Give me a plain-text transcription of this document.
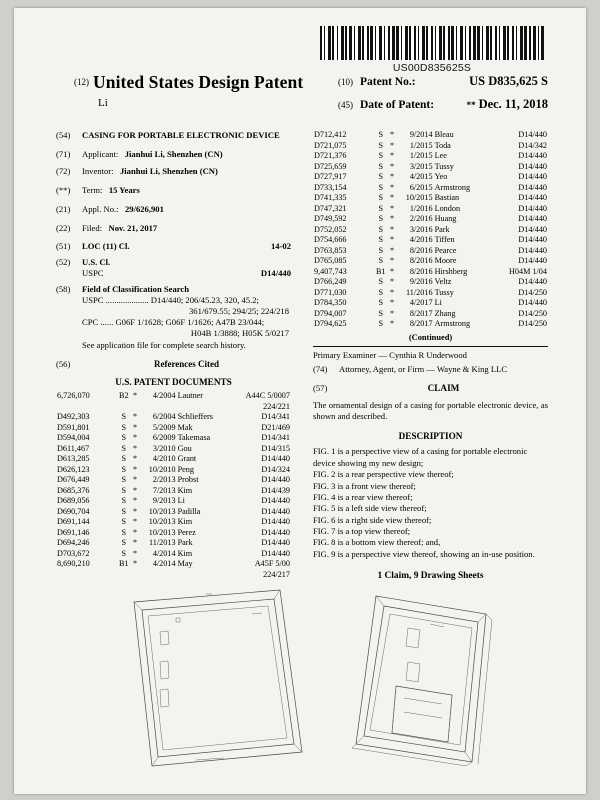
US00D835625S
$^{(12)}$ United States Design Patent
Li
(10) Patent No.:	US D835,625 S
(45) Date of Patent:	** Dec. 11, 2018
(54)	CASING FOR PORTABLE ELECTRONIC DEVICE
(71)	Applicant: Jianhui Li, Shenzhen (CN)
(72)	Inventor: Jianhui Li, Shenzhen (CN)
(**)	Term: 15 Years
(21)	Appl. No.: 29/626,901
(22)	Filed: Nov. 21, 2017
(51)	LOC (11) Cl.	14-02
(52)	U.S. Cl.
USPC	D14/440
(58)	Field of Classification Search
USPC .................... D14/440; 206/45.23, 320, 45.2;
361/679.55; 294/25; 224/218
CPC ...... G06F 1/1628; G06F 1/1626; A47B 23/044;
H04B 1/3888; H05K 5/0217
See application file for complete search history.
(56)	References Cited
U.S. PATENT DOCUMENTS
6,726,070	B2	*	4/2004	Lautner	A44C 5/0007
					224/221
D492,303	S	*	6/2004	Schlieffers	D14/341
D591,801	S	*	5/2009	Mak	D21/469
D594,004	S	*	6/2009	Takemasa	D14/341
D611,467	S	*	3/2010	Gou	D14/315
D613,285	S	*	4/2010	Grant	D14/440
D626,123	S	*	10/2010	Peng	D14/324
D676,449	S	*	2/2013	Probst	D14/440
D685,376	S	*	7/2013	Kim	D14/439
D689,056	S	*	9/2013	Li	D14/440
D690,704	S	*	10/2013	Padilla	D14/440
D691,144	S	*	10/2013	Kim	D14/440
D691,146	S	*	10/2013	Perez	D14/440
D694,246	S	*	11/2013	Park	D14/440
D703,672	S	*	4/2014	Kim	D14/440
8,690,210	B1	*	4/2014	May	A45F 5/00
					224/217
D712,412	S	*	9/2014	Bleau	D14/440
D721,075	S	*	1/2015	Toda	D14/342
D721,376	S	*	1/2015	Lee	D14/440
D725,659	S	*	3/2015	Tussy	D14/440
D727,917	S	*	4/2015	Yeo	D14/440
D733,154	S	*	6/2015	Armstrong	D14/440
D741,335	S	*	10/2015	Bastian	D14/440
D747,321	S	*	1/2016	London	D14/440
D749,592	S	*	2/2016	Huang	D14/440
D752,052	S	*	3/2016	Park	D14/440
D754,666	S	*	4/2016	Tiffen	D14/440
D763,853	S	*	8/2016	Pearce	D14/440
D765,085	S	*	8/2016	Moore	D14/440
9,407,743	B1	*	8/2016	Hirshberg	H04M 1/04
D766,249	S	*	9/2016	Veltz	D14/440
D771,030	S	*	11/2016	Tussy	D14/250
D784,350	S	*	4/2017	Li	D14/440
D794,007	S	*	8/2017	Zhang	D14/250
D794,625	S	*	8/2017	Armstrong	D14/250
(Continued)
Primary Examiner — Cynthia R Underwood
(74)	Attorney, Agent, or Firm — Wayne & King LLC
(57)	CLAIM
The ornamental design of a casing for portable electronic device, as shown and described.
DESCRIPTION
FIG. 1 is a perspective view of a casing for portable electronic device showing my new design;
FIG. 2 is a rear perspective view thereof;
FIG. 3 is a front view thereof;
FIG. 4 is a rear view thereof;
FIG. 5 is a left side view thereof;
FIG. 6 is a right side view thereof;
FIG. 7 is a top view thereof;
FIG. 8 is a bottom view thereof; and,
FIG. 9 is a perspective view thereof, showing an in-use position.
1 Claim, 9 Drawing Sheets
